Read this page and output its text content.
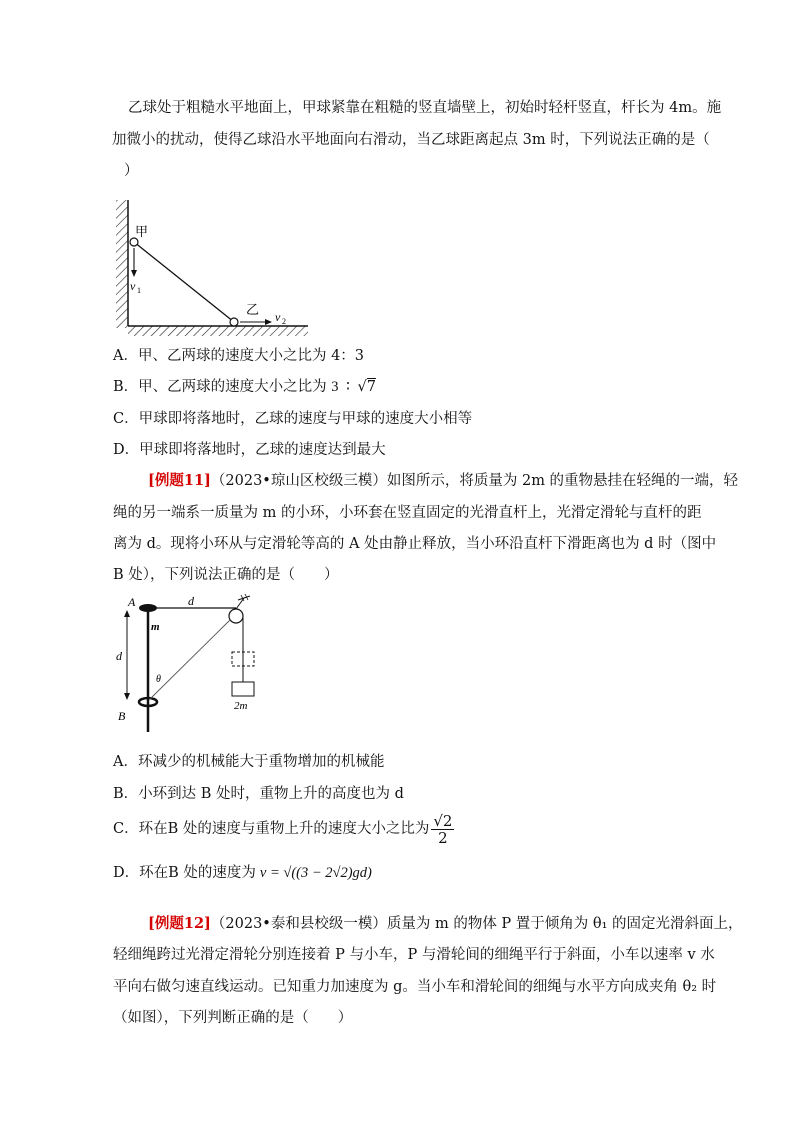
乙球处于粗糙水平地面上，甲球紧靠在粗糙的竖直墙壁上，初始时轻杆竖直，杆长为 4m。施
加微小的扰动，使得乙球沿水平地面向右滑动，当乙球距离起点 3m 时，下列说法正确的是（
）
甲
乙
v 1
v 2
A．甲、乙两球的速度大小之比为 4：3
B．甲、乙两球的速度大小之比为 3 ∶ √7
C．甲球即将落地时，乙球的速度与甲球的速度大小相等
D．甲球即将落地时，乙球的速度达到最大
[例题11]（2023•琼山区校级三模）如图所示，将质量为 2m 的重物悬挂在轻绳的一端，轻
绳的另一端系一质量为 m 的小环，小环套在竖直固定的光滑直杆上，光滑定滑轮与直杆的距
离为 d。现将小环从与定滑轮等高的 A 处由静止释放，当小环沿直杆下滑距离也为 d 时（图中
B 处），下列说法正确的是（　　）
A
B
d
d
m
θ
2m
A．环减少的机械能大于重物增加的机械能
B．小环到达 B 处时，重物上升的高度也为 d
C．环在B 处的速度与重物上升的速度大小之比为 $\frac{√2}{2}$
D．环在B 处的速度为 v = √((3 − 2√2)gd)
[例题12]（2023•泰和县校级一模）质量为 m 的物体 P 置于倾角为 θ₁ 的固定光滑斜面上，
轻细绳跨过光滑定滑轮分别连接着 P 与小车，P 与滑轮间的细绳平行于斜面，小车以速率 v 水
平向右做匀速直线运动。已知重力加速度为 g。当小车和滑轮间的细绳与水平方向成夹角 θ₂ 时
（如图），下列判断正确的是（　　）
